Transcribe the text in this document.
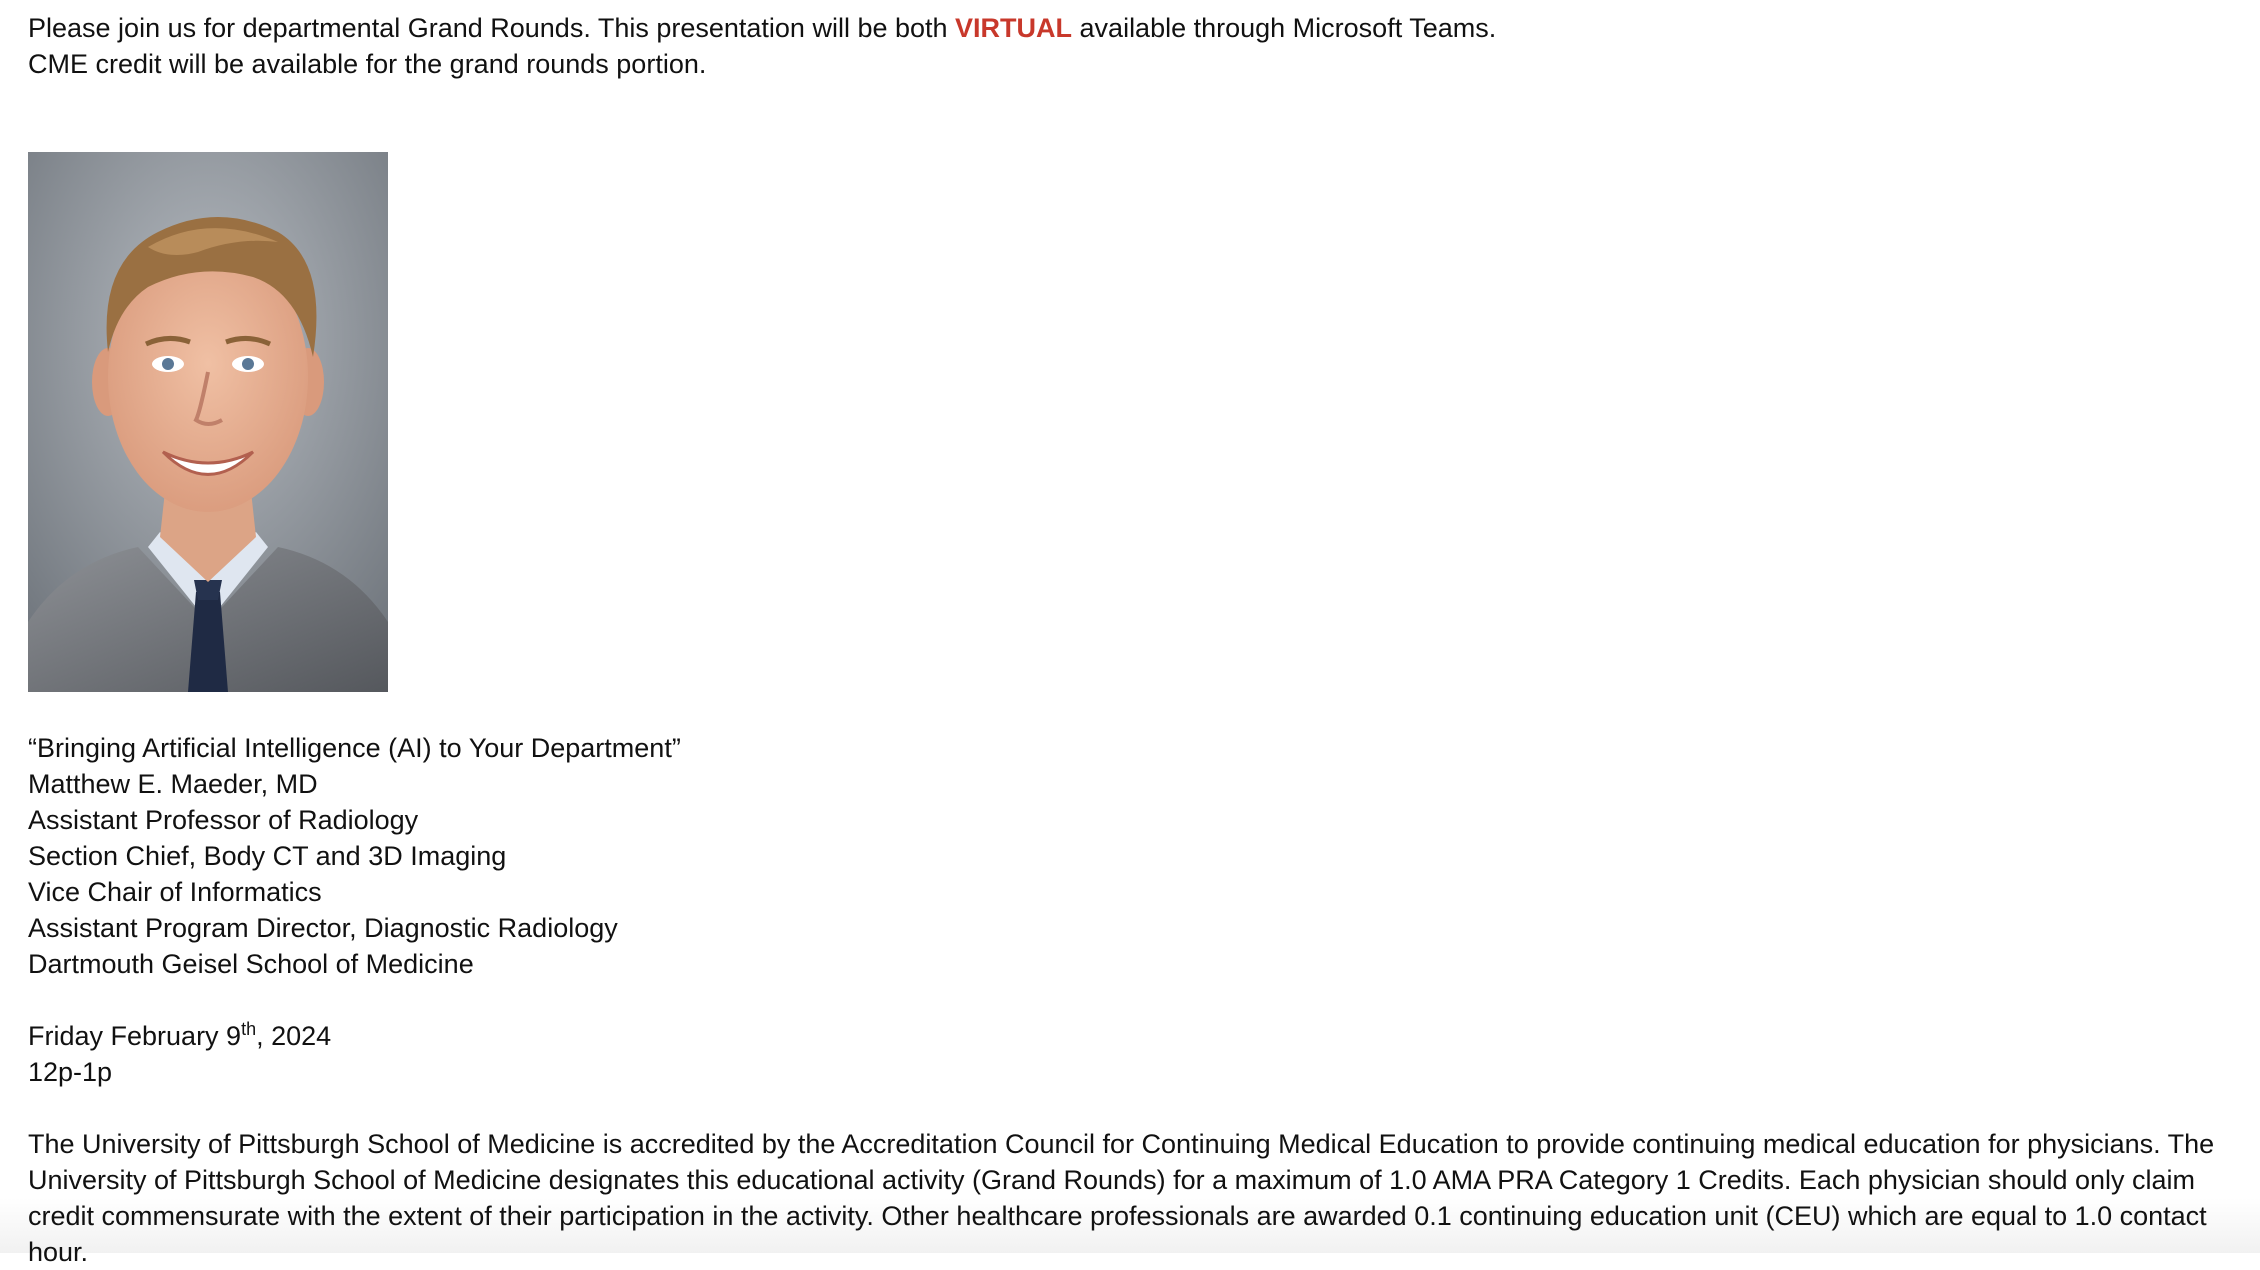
Please join us for departmental Grand Rounds. This presentation will be both VIRTUAL available through Microsoft Teams.
CME credit will be available for the grand rounds portion.
“Bringing Artificial Intelligence (AI) to Your Department”
Matthew E. Maeder, MD
Assistant Professor of Radiology
Section Chief, Body CT and 3D Imaging
Vice Chair of Informatics
Assistant Program Director, Diagnostic Radiology
Dartmouth Geisel School of Medicine
Friday February 9th, 2024
12p-1p
The University of Pittsburgh School of Medicine is accredited by the Accreditation Council for Continuing Medical Education to provide continuing medical education for physicians. The University of Pittsburgh School of Medicine designates this educational activity (Grand Rounds) for a maximum of 1.0 AMA PRA Category 1 Credits. Each physician should only claim credit commensurate with the extent of their participation in the activity. Other healthcare professionals are awarded 0.1 continuing education unit (CEU) which are equal to 1.0 contact hour.
